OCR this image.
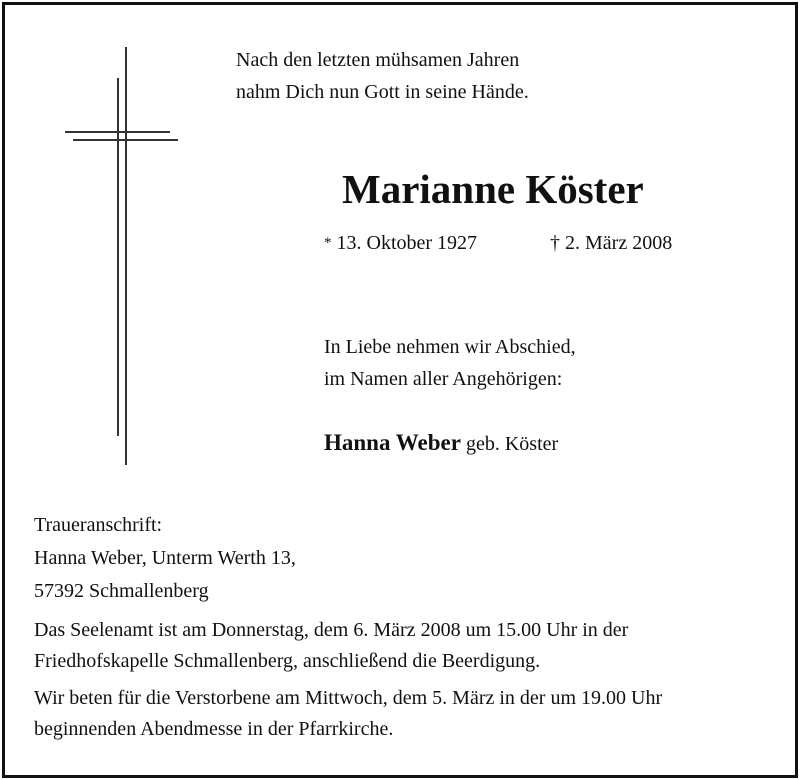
Nach den letzten mühsamen Jahren
nahm Dich nun Gott in seine Hände.
Marianne Köster
* 13. Oktober 1927	† 2. März 2008
In Liebe nehmen wir Abschied,
im Namen aller Angehörigen:
Hanna Weber geb. Köster
Traueranschrift:
Hanna Weber, Unterm Werth 13,
57392 Schmallenberg
Das Seelenamt ist am Donnerstag, dem 6. März 2008 um 15.00 Uhr in der
Friedhofskapelle Schmallenberg, anschließend die Beerdigung.
Wir beten für die Verstorbene am Mittwoch, dem 5. März in der um 19.00 Uhr
beginnenden Abendmesse in der Pfarrkirche.
